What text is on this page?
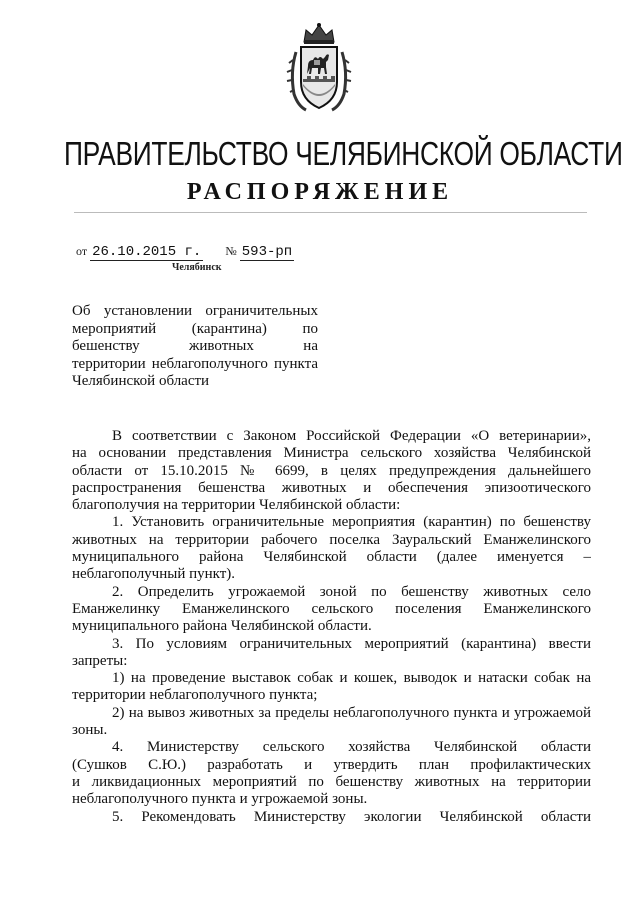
ПРАВИТЕЛЬСТВО ЧЕЛЯБИНСКОЙ ОБЛАСТИ
РАСПОРЯЖЕНИЕ
от 26.10.2015 г. № 593-рп
Челябинск
Об установлении ограничительных
мероприятий (карантина) по
бешенству животных на
территории неблагополучного пункта
Челябинской области
В соответствии с Законом Российской Федерации «О ветеринарии»,
на основании представления Министра сельского хозяйства Челябинской
области от 15.10.2015 № 6699, в целях предупреждения дальнейшего
распространения бешенства животных и обеспечения эпизоотического
благополучия на территории Челябинской области:
1. Установить ограничительные мероприятия (карантин) по бешенству
животных на территории рабочего поселка Зауральский Еманжелинского
муниципального района Челябинской области (далее именуется –
неблагополучный пункт).
2. Определить угрожаемой зоной по бешенству животных село
Еманжелинку Еманжелинского сельского поселения Еманжелинского
муниципального района Челябинской области.
3. По условиям ограничительных мероприятий (карантина) ввести
запреты:
1) на проведение выставок собак и кошек, выводок и натаски собак на
территории неблагополучного пункта;
2) на вывоз животных за пределы неблагополучного пункта и угрожаемой
зоны.
4. Министерству сельского хозяйства Челябинской области
(Сушков С.Ю.) разработать и утвердить план профилактических
и ликвидационных мероприятий по бешенству животных на территории
неблагополучного пункта и угрожаемой зоны.
5. Рекомендовать Министерству экологии Челябинской области
